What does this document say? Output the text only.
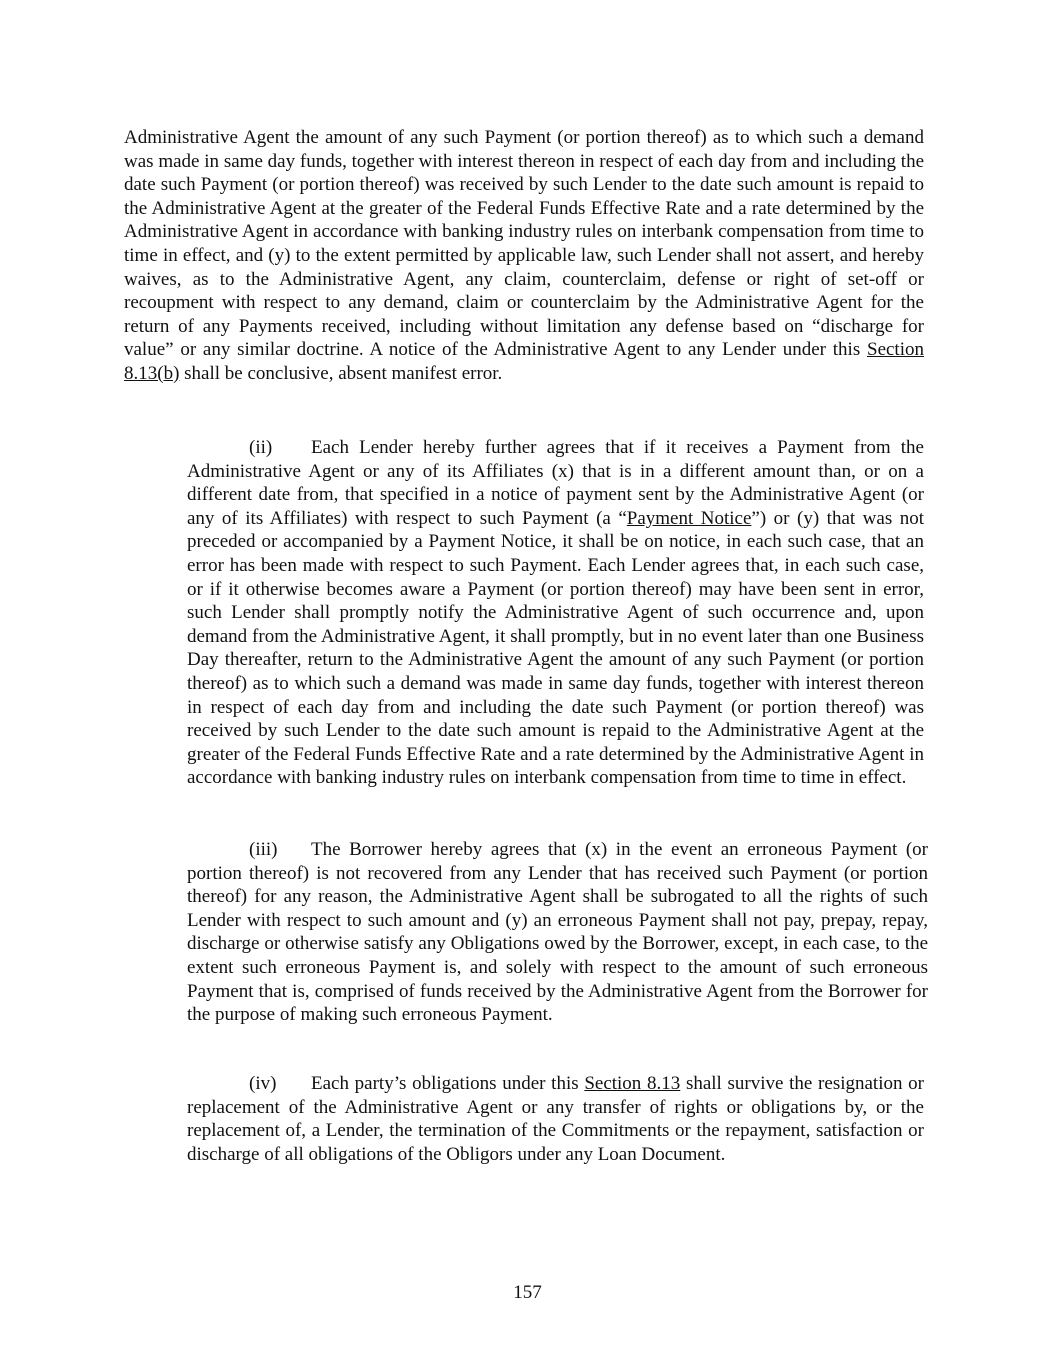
Administrative Agent the amount of any such Payment (or portion thereof) as to which such a demand was made in same day funds, together with interest thereon in respect of each day from and including the date such Payment (or portion thereof) was received by such Lender to the date such amount is repaid to the Administrative Agent at the greater of the Federal Funds Effective Rate and a rate determined by the Administrative Agent in accordance with banking industry rules on interbank compensation from time to time in effect, and (y) to the extent permitted by applicable law, such Lender shall not assert, and hereby waives, as to the Administrative Agent, any claim, counterclaim, defense or right of set-off or recoupment with respect to any demand, claim or counterclaim by the Administrative Agent for the return of any Payments received, including without limitation any defense based on “discharge for value” or any similar doctrine. A notice of the Administrative Agent to any Lender under this Section 8.13(b) shall be conclusive, absent manifest error.

(ii) Each Lender hereby further agrees that if it receives a Payment from the Administrative Agent or any of its Affiliates (x) that is in a different amount than, or on a different date from, that specified in a notice of payment sent by the Administrative Agent (or any of its Affiliates) with respect to such Payment (a “Payment Notice”) or (y) that was not preceded or accompanied by a Payment Notice, it shall be on notice, in each such case, that an error has been made with respect to such Payment. Each Lender agrees that, in each such case, or if it otherwise becomes aware a Payment (or portion thereof) may have been sent in error, such Lender shall promptly notify the Administrative Agent of such occurrence and, upon demand from the Administrative Agent, it shall promptly, but in no event later than one Business Day thereafter, return to the Administrative Agent the amount of any such Payment (or portion thereof) as to which such a demand was made in same day funds, together with interest thereon in respect of each day from and including the date such Payment (or portion thereof) was received by such Lender to the date such amount is repaid to the Administrative Agent at the greater of the Federal Funds Effective Rate and a rate determined by the Administrative Agent in accordance with banking industry rules on interbank compensation from time to time in effect.

(iii) The Borrower hereby agrees that (x) in the event an erroneous Payment (or portion thereof) is not recovered from any Lender that has received such Payment (or portion thereof) for any reason, the Administrative Agent shall be subrogated to all the rights of such Lender with respect to such amount and (y) an erroneous Payment shall not pay, prepay, repay, discharge or otherwise satisfy any Obligations owed by the Borrower, except, in each case, to the extent such erroneous Payment is, and solely with respect to the amount of such erroneous Payment that is, comprised of funds received by the Administrative Agent from the Borrower for the purpose of making such erroneous Payment.

(iv) Each party’s obligations under this Section 8.13 shall survive the resignation or replacement of the Administrative Agent or any transfer of rights or obligations by, or the replacement of, a Lender, the termination of the Commitments or the repayment, satisfaction or discharge of all obligations of the Obligors under any Loan Document.

157
